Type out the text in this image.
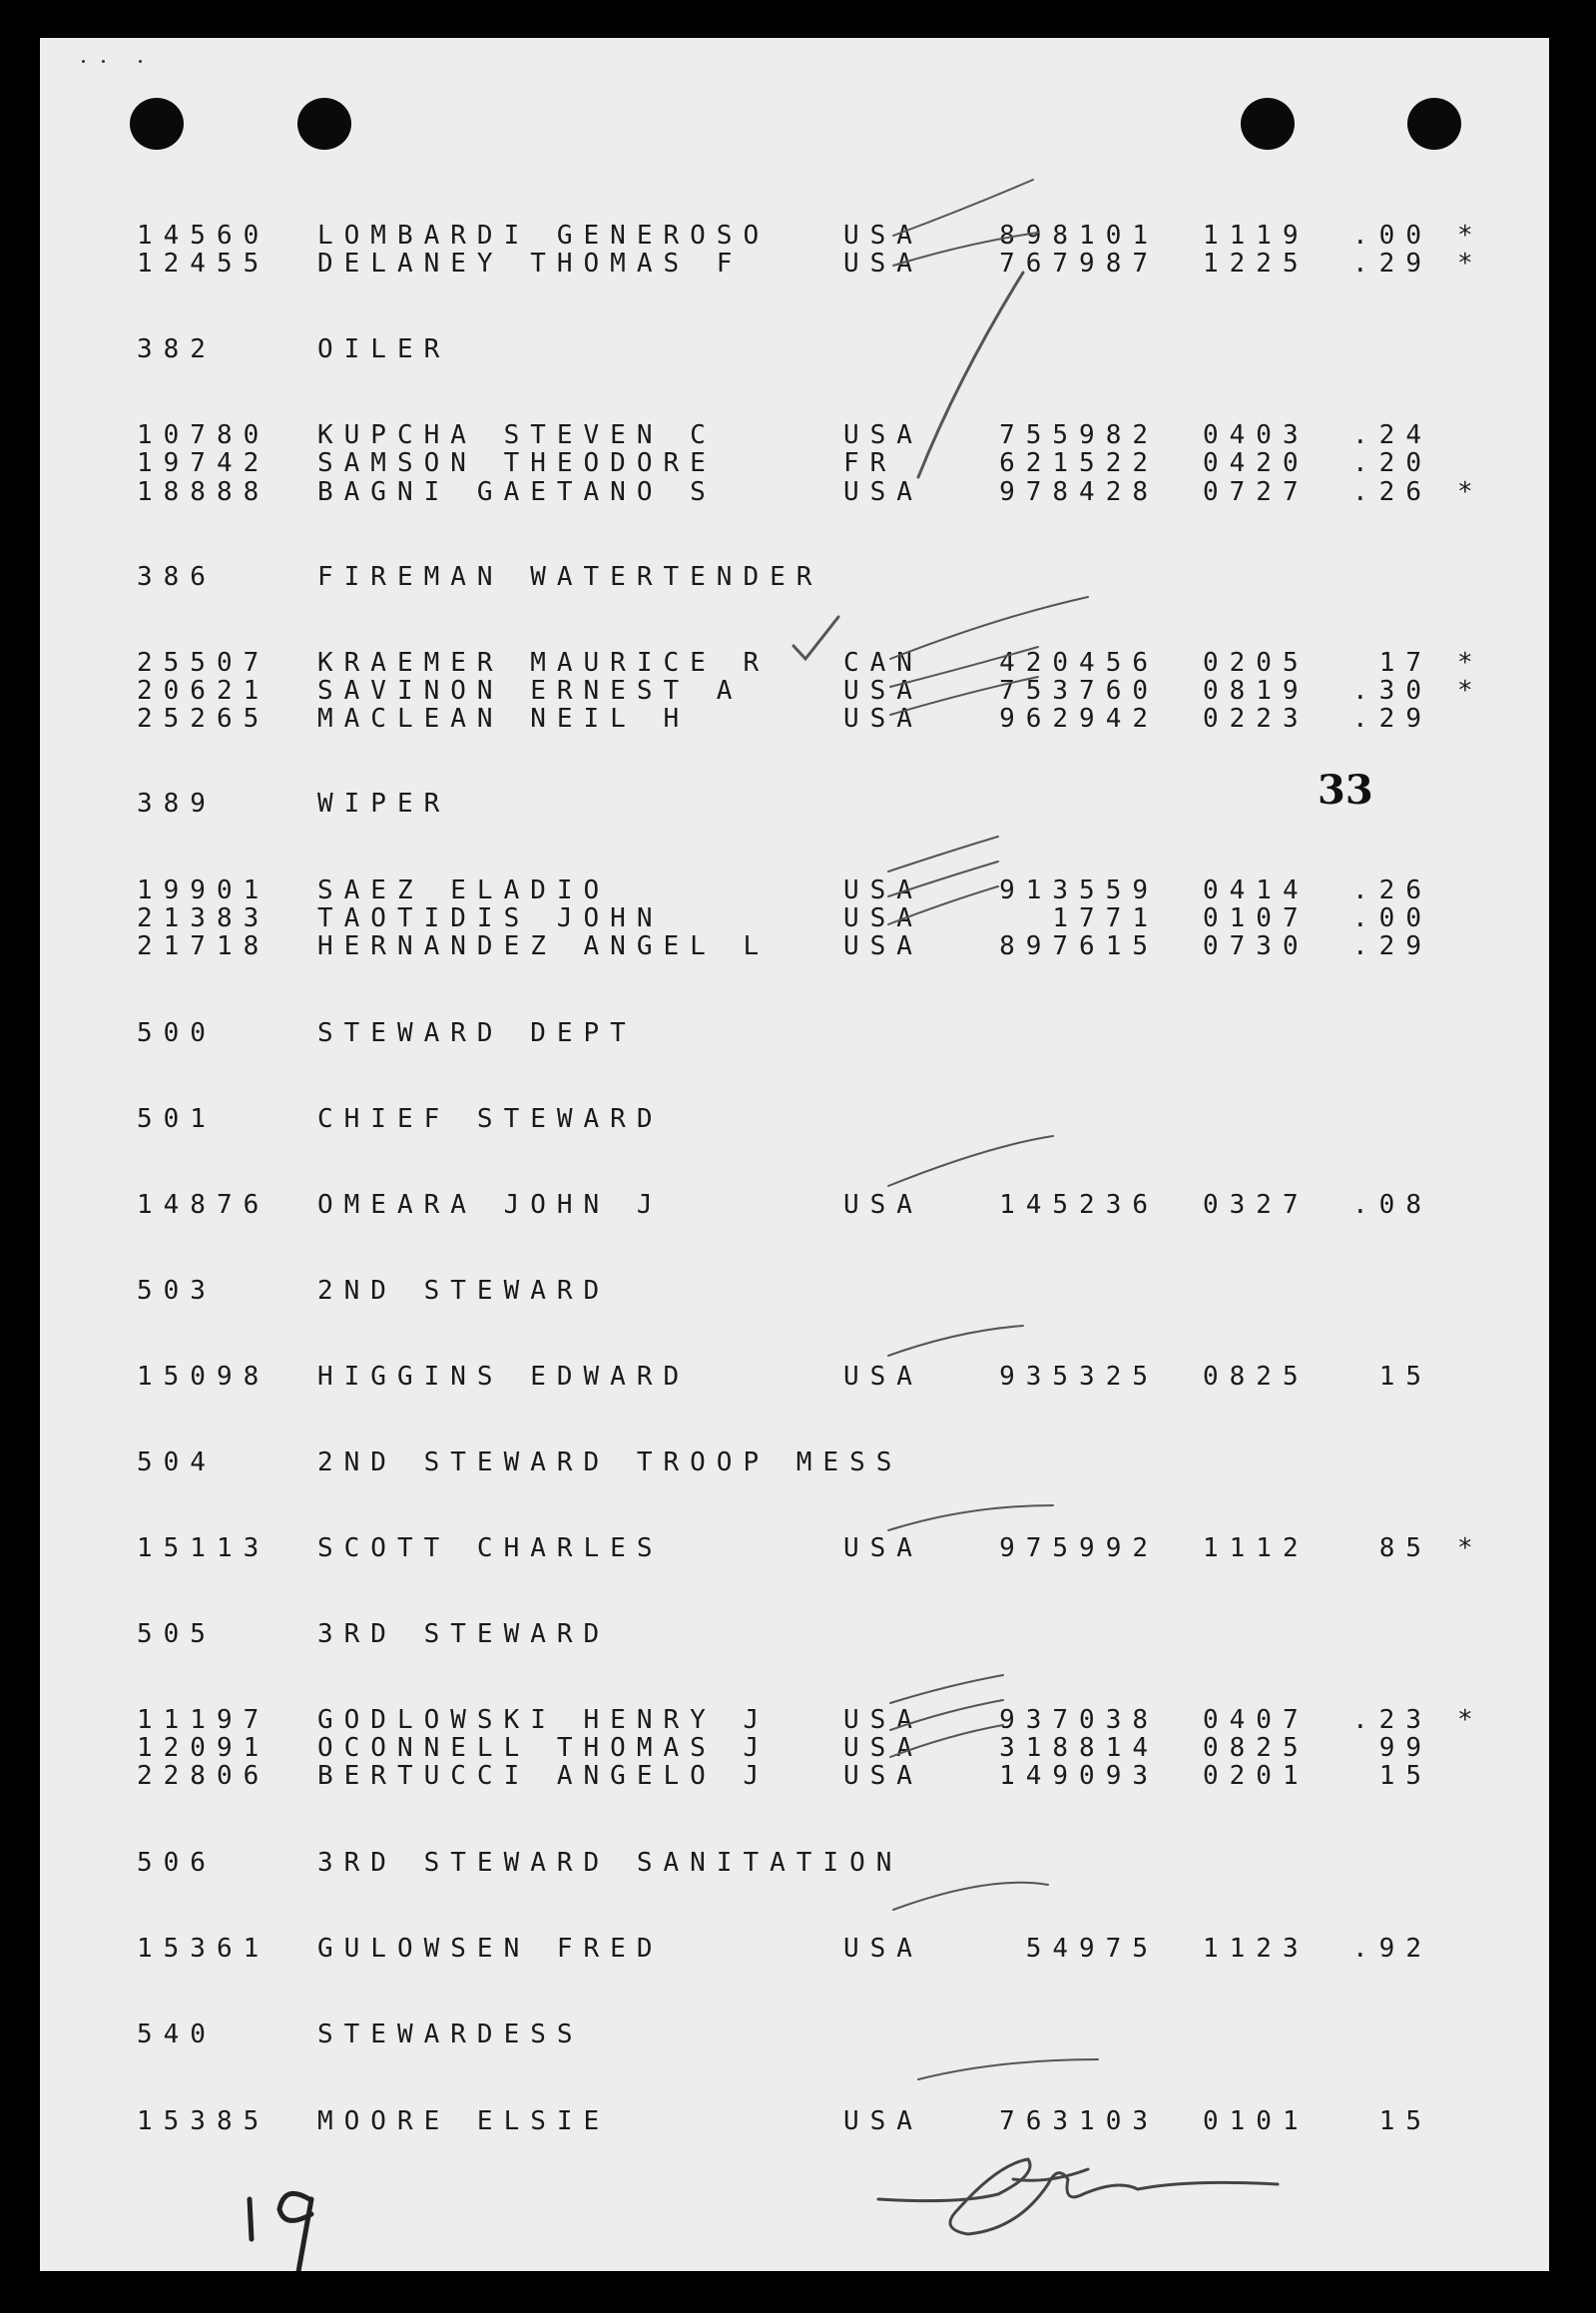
14560 LOMBARDI GENEROSO	USA	898101 1119	.00 *
12455 DELANEY THOMAS F	USA	767987 1225	.29 *
382	OILER
10780 KUPCHA STEVEN C	USA	755982 0403	.24
19742 SAMSON THEODORE	FR	621522 0420	.20
18888 BAGNI GAETANO S	USA	978428 0727	.26 *
386	FIREMAN WATERTENDER
25507 KRAEMER MAURICE R	CAN	420456 0205	17 *
20621 SAVINON ERNEST A	USA	753760 0819	.30 *
25265 MACLEAN NEIL H	USA	962942 0223	.29
389	WIPER
19901 SAEZ ELADIO	USA	913559 0414	.26
21383 TAOTIDIS JOHN	USA	1771 0107	.00
21718 HERNANDEZ ANGEL L	USA	897615 0730	.29
500	STEWARD DEPT
501	CHIEF STEWARD
14876 OMEARA JOHN J	USA	145236 0327	.08
503	2ND STEWARD
15098 HIGGINS EDWARD	USA	935325 0825	15
504	2ND STEWARD TROOP MESS
15113 SCOTT CHARLES	USA	975992 1112	85 *
505	3RD STEWARD
11197 GODLOWSKI HENRY J	USA	937038 0407	.23 *
12091 OCONNELL THOMAS J	USA	318814 0825	99
22806 BERTUCCI ANGELO J	USA	149093 0201	15
506	3RD STEWARD SANITATION
15361 GULOWSEN FRED	USA	54975 1123	.92
540	STEWARDESS
15385 MOORE ELSIE	USA	763103 0101	15
33
